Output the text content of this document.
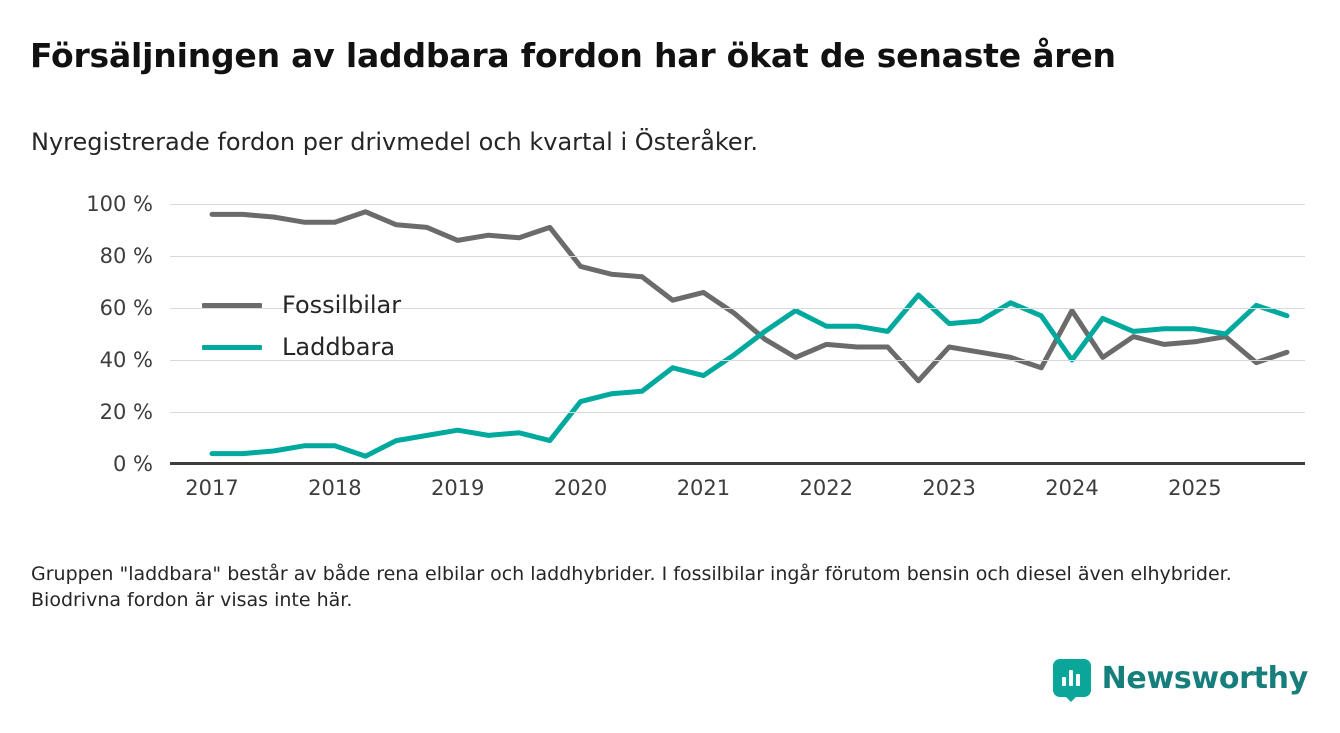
Försäljningen av laddbara fordon har ökat de senaste åren
Nyregistrerade fordon per drivmedel och kvartal i Österåker.
0 %
20 %
40 %
60 %
80 %
100 %
2017	2018	2019	2020	2021	2022	2023	2024	2025
Fossilbilar
Laddbara
Gruppen "laddbara" består av både rena elbilar och laddhybrider. I fossilbilar ingår förutom bensin och diesel även elhybrider. Biodrivna fordon är visas inte här.
Newsworthy
